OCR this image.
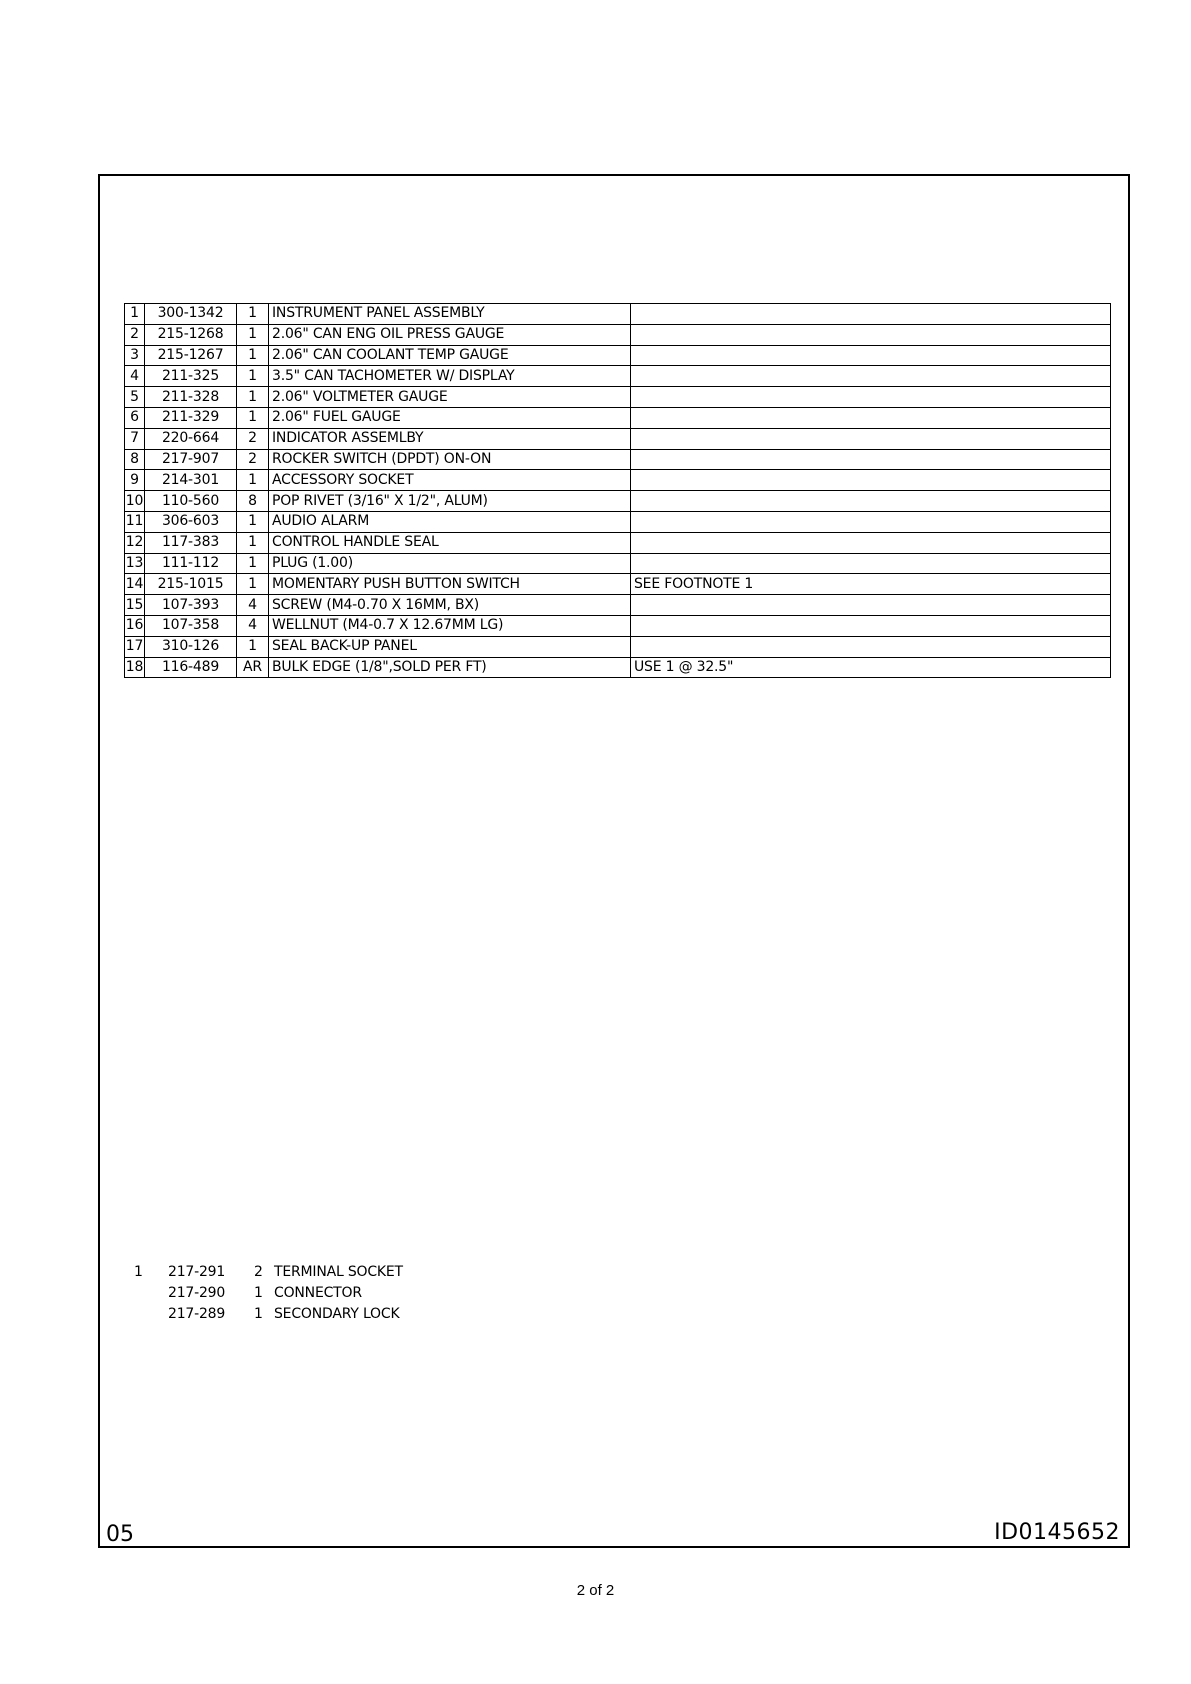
1	300-1342	1	INSTRUMENT PANEL ASSEMBLY	
2	215-1268	1	2.06" CAN ENG OIL PRESS GAUGE	
3	215-1267	1	2.06" CAN COOLANT TEMP GAUGE	
4	211-325	1	3.5" CAN TACHOMETER W/ DISPLAY	
5	211-328	1	2.06" VOLTMETER GAUGE	
6	211-329	1	2.06" FUEL GAUGE	
7	220-664	2	INDICATOR ASSEMLBY	
8	217-907	2	ROCKER SWITCH (DPDT) ON-ON	
9	214-301	1	ACCESSORY SOCKET	
10	110-560	8	POP RIVET (3/16" X 1/2", ALUM)	
11	306-603	1	AUDIO ALARM	
12	117-383	1	CONTROL HANDLE SEAL	
13	111-112	1	PLUG (1.00)	
14	215-1015	1	MOMENTARY PUSH BUTTON SWITCH	SEE FOOTNOTE 1
15	107-393	4	SCREW (M4-0.70 X 16MM, BX)	
16	107-358	4	WELLNUT (M4-0.7 X 12.67MM LG)	
17	310-126	1	SEAL BACK-UP PANEL	
18	116-489	AR	BULK EDGE (1/8",SOLD PER FT)	USE 1 @ 32.5"
1 217-291 2 TERMINAL SOCKET
217-290 1 CONNECTOR
217-289 1 SECONDARY LOCK
05	ID0145652
2 of 2
